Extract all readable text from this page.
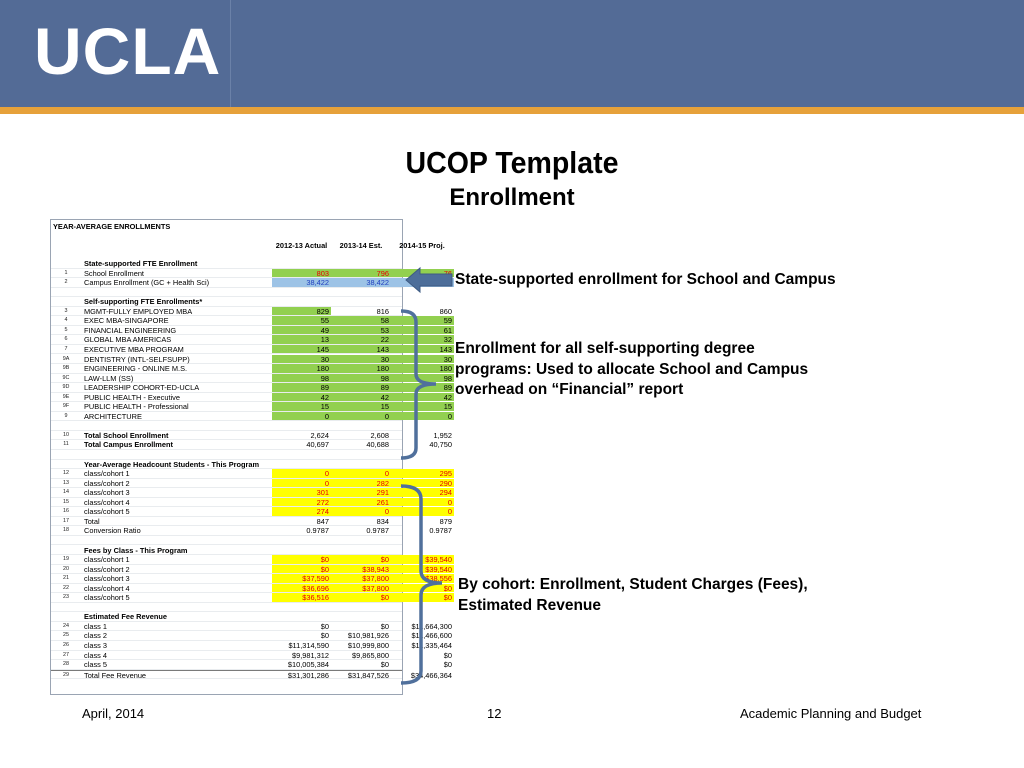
UCLA
UCOP Template
Enrollment
YEAR-AVERAGE ENROLLMENTS
2012-13 Actual	2013-14 Est.	2014-15 Proj.
State-supported FTE Enrollment
1	School Enrollment	803	796	76
2	Campus Enrollment (GC + Health Sci)	38,422	38,422
Self-supporting FTE Enrollments*
3	MGMT-FULLY EMPLOYED MBA	829	816	860
4	EXEC MBA-SINGAPORE	55	58	59
5	FINANCIAL ENGINEERING	49	53	61
6	GLOBAL MBA AMERICAS	13	22	32
7	EXECUTIVE MBA PROGRAM	145	143	143
9A	DENTISTRY (INTL-SELFSUPP)	30	30	30
9B	ENGINEERING - ONLINE M.S.	180	180	180
9C	LAW-LLM (SS)	98	98	98
9D	LEADERSHIP COHORT-ED-UCLA	89	89	89
9E	PUBLIC HEALTH - Executive	42	42	42
9F	PUBLIC HEALTH - Professional	15	15	15
9	ARCHITECTURE	0	0	0
10	Total School Enrollment	2,624	2,608	1,952
11	Total Campus Enrollment	40,697	40,688	40,750
Year-Average Headcount Students - This Program
12	class/cohort 1	0	0	295
13	class/cohort 2	0	282	290
14	class/cohort 3	301	291	294
15	class/cohort 4	272	261	0
16	class/cohort 5	274	0	0
17	Total	847	834	879
18	Conversion Ratio	0.9787	0.9787	0.9787
Fees by Class - This Program
19	class/cohort 1	$0	$0	$39,540
20	class/cohort 2	$0	$38,943	$39,540
21	class/cohort 3	$37,590	$37,800	$38,556
22	class/cohort 4	$36,696	$37,800	$0
23	class/cohort 5	$36,516	$0	$0
Estimated Fee Revenue
24	class 1	$0	$0	$11,664,300
25	class 2	$0	$10,981,926	$11,466,600
26	class 3	$11,314,590	$10,999,800	$11,335,464
27	class 4	$9,981,312	$9,865,800	$0
28	class 5	$10,005,384	$0	$0
29	Total Fee Revenue	$31,301,286	$31,847,526	$34,466,364
State-supported enrollment for School and Campus
Enrollment for all self-supporting degree
programs: Used to allocate School and Campus
overhead on “Financial” report
By cohort: Enrollment, Student Charges (Fees),
Estimated Revenue
April, 2014	12	Academic Planning and Budget
